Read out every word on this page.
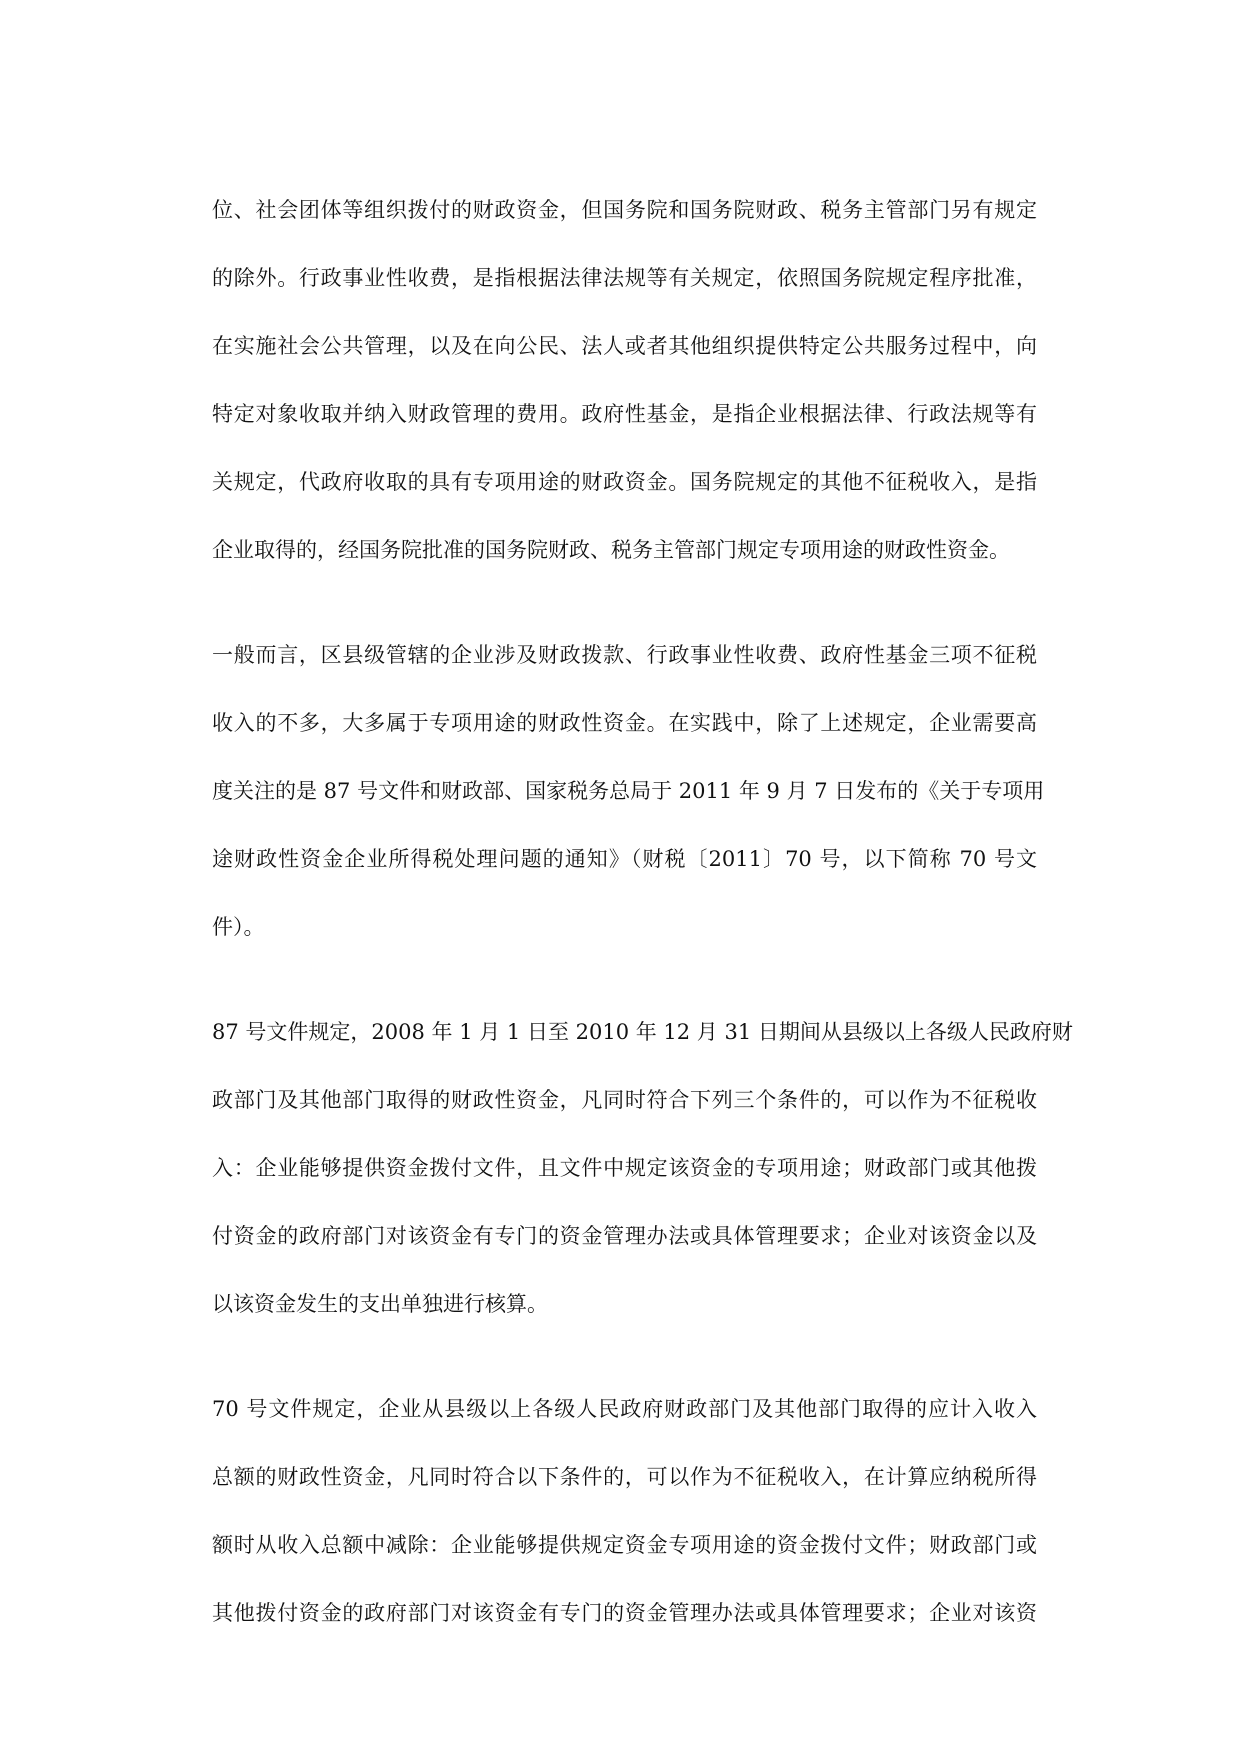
位、社会团体等组织拨付的财政资金，但国务院和国务院财政、税务主管部门另有规定
的除外。行政事业性收费，是指根据法律法规等有关规定，依照国务院规定程序批准，
在实施社会公共管理，以及在向公民、法人或者其他组织提供特定公共服务过程中，向
特定对象收取并纳入财政管理的费用。政府性基金，是指企业根据法律、行政法规等有
关规定，代政府收取的具有专项用途的财政资金。国务院规定的其他不征税收入，是指
企业取得的，经国务院批准的国务院财政、税务主管部门规定专项用途的财政性资金。
一般而言，区县级管辖的企业涉及财政拨款、行政事业性收费、政府性基金三项不征税
收入的不多，大多属于专项用途的财政性资金。在实践中，除了上述规定，企业需要高
度关注的是 87 号文件和财政部、国家税务总局于 2011 年 9 月 7 日发布的《关于专项用
途财政性资金企业所得税处理问题的通知》（财税〔2011〕70 号，以下简称 70 号文
件）。
87 号文件规定，2008 年 1 月 1 日至 2010 年 12 月 31 日期间从县级以上各级人民政府财
政部门及其他部门取得的财政性资金，凡同时符合下列三个条件的，可以作为不征税收
入：企业能够提供资金拨付文件，且文件中规定该资金的专项用途；财政部门或其他拨
付资金的政府部门对该资金有专门的资金管理办法或具体管理要求；企业对该资金以及
以该资金发生的支出单独进行核算。
70 号文件规定，企业从县级以上各级人民政府财政部门及其他部门取得的应计入收入
总额的财政性资金，凡同时符合以下条件的，可以作为不征税收入，在计算应纳税所得
额时从收入总额中减除：企业能够提供规定资金专项用途的资金拨付文件；财政部门或
其他拨付资金的政府部门对该资金有专门的资金管理办法或具体管理要求；企业对该资
